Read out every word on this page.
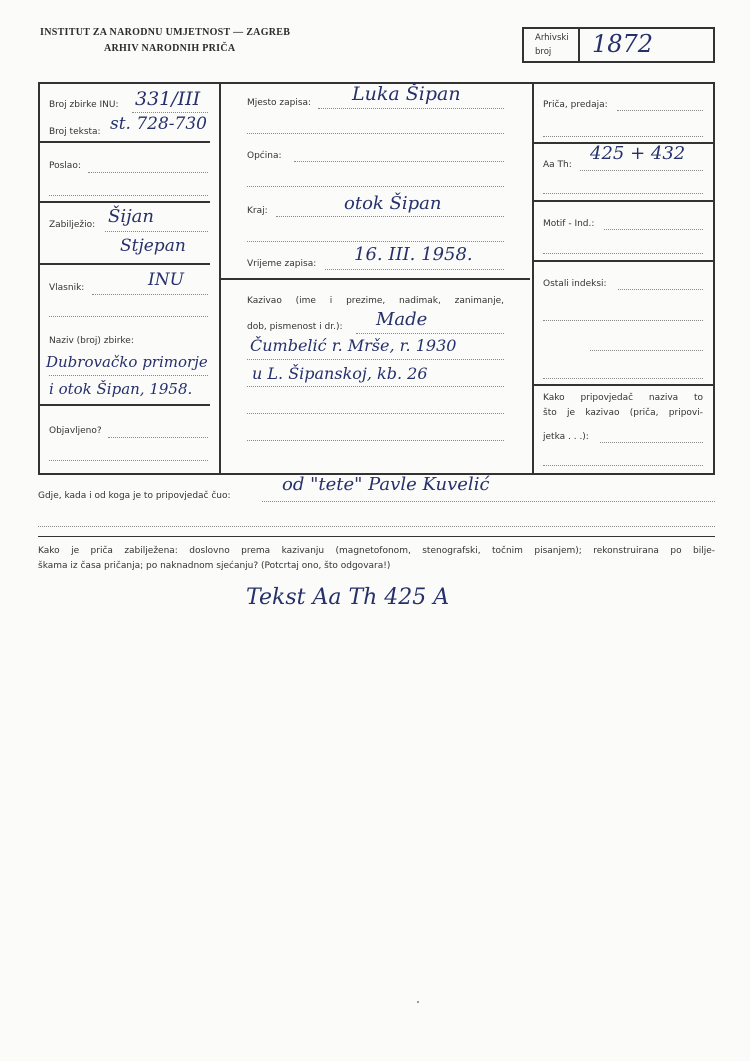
INSTITUT ZA NARODNU UMJETNOST — ZAGREB
ARHIV NARODNIH PRIČA
Arhivski
broj 1872
Broj zbirke INU: 331/III
Broj teksta: st. 728-730
Poslao:
Zabilježio: Šijan
Stjepan
Vlasnik:	INU
Naziv (broj) zbirke:
Dubrovačko primorje
i otok Šipan, 1958.
Objavljeno?
Mjesto zapisa: Luka Šipan
Općina:
Kraj:	otok Šipan
Vrijeme zapisa: 16. III. 1958.
Kazivao (ime i prezime, nadimak, zanimanje,
dob, pismenost i dr.): Made
Čumbelić r. Mrše, r. 1930
u L. Šipanskoj, kb. 26
Priča, predaja:
Aa Th:
425 + 432
Motif - Ind.:
Ostali indeksi:
Kako pripovjedač naziva to
što je kazivao (priča, pripovi-
jetka . . .):
Gdje, kada i od koga je to pripovjedač čuo:
od "tete" Pavle Kuvelić
Kako je priča zabilježena: doslovno prema kazivanju (magnetofonom, stenografski, točnim pisanjem); rekonstruirana po bilje-
škama iz časa pričanja; po naknadnom sjećanju? (Potcrtaj ono, što odgovara!)
Tekst Aa Th 425 A
